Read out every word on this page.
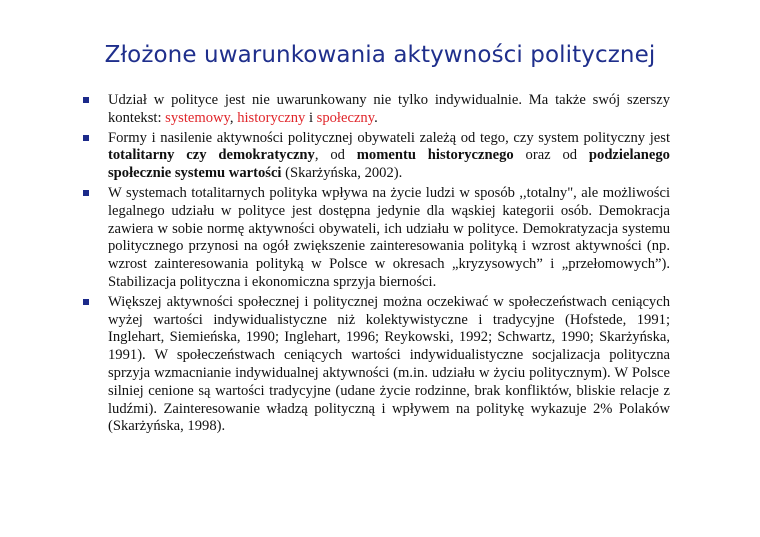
Złożone uwarunkowania aktywności politycznej
Udział w polityce jest nie uwarunkowany nie tylko indywidualnie. Ma także swój szerszy kontekst: systemowy, historyczny i społeczny.
Formy i nasilenie aktywności politycznej obywateli zależą od tego, czy system polityczny jest totalitarny czy demokratyczny, od momentu historycznego oraz od podzielanego społecznie systemu wartości (Skarżyńska, 2002).
W systemach totalitarnych polityka wpływa na życie ludzi w sposób ,,totalny", ale możliwości legalnego udziału w polityce jest dostępna jedynie dla wąskiej kategorii osób. Demokracja zawiera w sobie normę aktywności obywateli, ich udziału w polityce. Demokratyzacja systemu politycznego przynosi na ogół zwiększenie zainteresowania polityką i wzrost aktywności (np. wzrost zainteresowania polityką w Polsce w okresach „kryzysowych” i „przełomowych”). Stabilizacja polityczna i ekonomiczna sprzyja bierności.
Większej aktywności społecznej i politycznej można oczekiwać w społeczeństwach ceniących wyżej wartości indywidualistyczne niż kolektywistyczne i tradycyjne (Hofstede, 1991; Inglehart, Siemieńska, 1990; Inglehart, 1996; Reykowski, 1992; Schwartz, 1990; Skarżyńska, 1991). W społeczeństwach ceniących wartości indywidualistyczne socjalizacja polityczna sprzyja wzmacnianie indywidualnej aktywności (m.in. udziału w życiu politycznym). W Polsce silniej cenione są wartości tradycyjne (udane życie rodzinne, brak konfliktów, bliskie relacje z ludźmi). Zainteresowanie władzą polityczną i wpływem na politykę wykazuje 2% Polaków (Skarżyńska, 1998).
